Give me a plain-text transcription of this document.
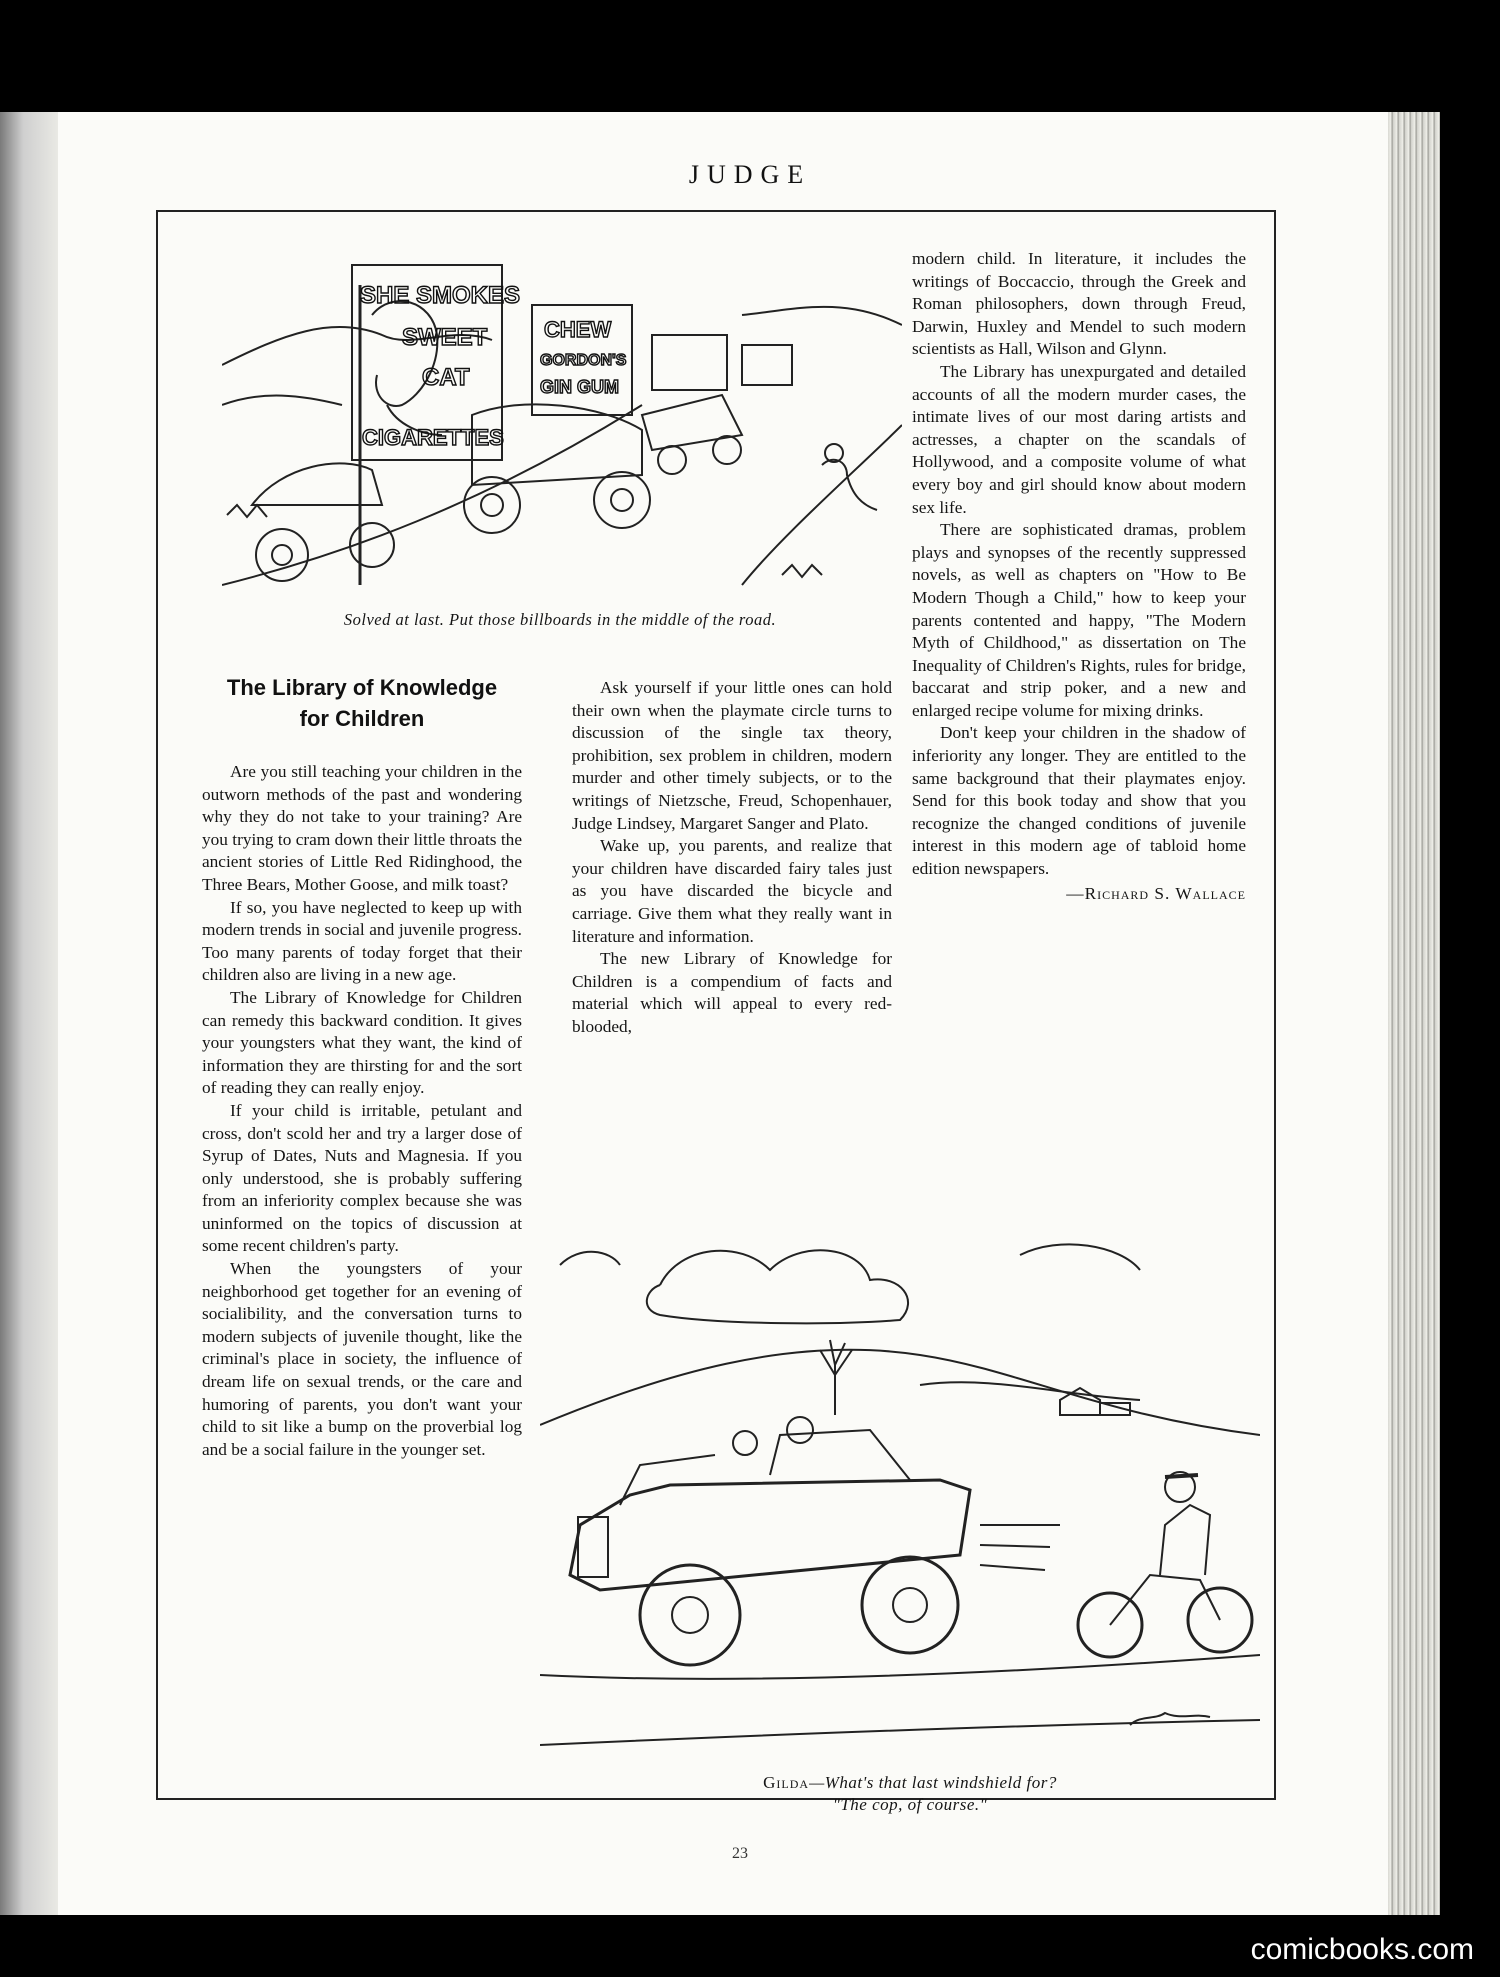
JUDGE
SHE SMOKES
SWEET
CAT
CIGARETTES
CHEW
GORDON'S
GIN GUM
Solved at last. Put those billboards in the middle of the road.
The Library of Knowledge
for Children

Are you still teaching your children in the outworn methods of the past and wondering why they do not take to your training? Are you trying to cram down their little throats the ancient stories of Little Red Ridinghood, the Three Bears, Mother Goose, and milk toast?

If so, you have neglected to keep up with modern trends in social and juvenile progress. Too many parents of today forget that their children also are living in a new age.

The Library of Knowledge for Children can remedy this backward condition. It gives your youngsters what they want, the kind of information they are thirsting for and the sort of reading they can really enjoy.

If your child is irritable, petulant and cross, don't scold her and try a larger dose of Syrup of Dates, Nuts and Magnesia. If you only understood, she is probably suffering from an inferiority complex because she was uninformed on the topics of discussion at some recent children's party.

When the youngsters of your neighborhood get together for an evening of socialibility, and the conversation turns to modern subjects of juvenile thought, like the criminal's place in society, the influence of dream life on sexual trends, or the care and humoring of parents, you don't want your child to sit like a bump on the proverbial log and be a social failure in the younger set.

Ask yourself if your little ones can hold their own when the playmate circle turns to discussion of the single tax theory, prohibition, sex problem in children, modern murder and other timely subjects, or to the writings of Nietzsche, Freud, Schopenhauer, Judge Lindsey, Margaret Sanger and Plato.

Wake up, you parents, and realize that your children have discarded fairy tales just as you have discarded the bicycle and carriage. Give them what they really want in literature and information.

The new Library of Knowledge for Children is a compendium of facts and material which will appeal to every red-blooded,

modern child. In literature, it includes the writings of Boccaccio, through the Greek and Roman philosophers, down through Freud, Darwin, Huxley and Mendel to such modern scientists as Hall, Wilson and Glynn.

The Library has unexpurgated and detailed accounts of all the modern murder cases, the intimate lives of our most daring artists and actresses, a chapter on the scandals of Hollywood, and a composite volume of what every boy and girl should know about modern sex life.

There are sophisticated dramas, problem plays and synopses of the recently suppressed novels, as well as chapters on "How to Be Modern Though a Child," how to keep your parents contented and happy, "The Modern Myth of Childhood," as dissertation on The Inequality of Children's Rights, rules for bridge, baccarat and strip poker, and a new and enlarged recipe volume for mixing drinks.

Don't keep your children in the shadow of inferiority any longer. They are entitled to the same background that their playmates enjoy. Send for this book today and show that you recognize the changed conditions of juvenile interest in this modern age of tabloid home edition newspapers.

—Richard S. Wallace
Gilda—What's that last windshield for?
"The cop, of course."
23
comicbooks.com
